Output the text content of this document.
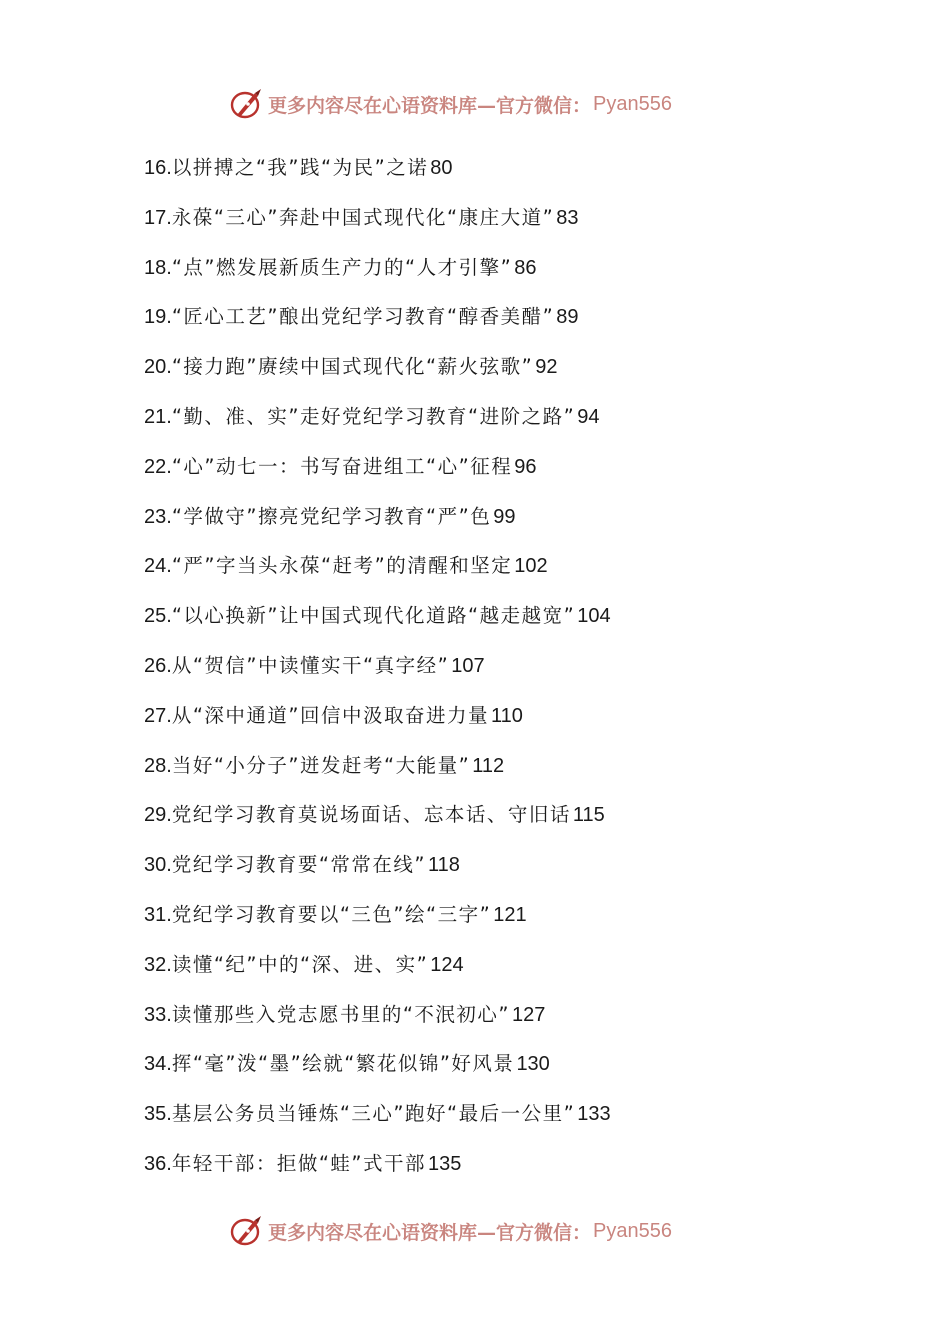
更多内容尽在心语资料库—官方微信： Pyan556
16.以拼搏之“我”践“为民”之诺 80
17.永葆“三心”奔赴中国式现代化“康庄大道” 83
18.“点”燃发展新质生产力的“人才引擎” 86
19.“匠心工艺”酿出党纪学习教育“醇香美醋” 89
20.“接力跑”赓续中国式现代化“薪火弦歌” 92
21.“勤、准、实”走好党纪学习教育“进阶之路” 94
22.“心”动七一：书写奋进组工“心”征程 96
23.“学做守”擦亮党纪学习教育“严”色 99
24.“严”字当头永葆“赶考”的清醒和坚定 102
25.“以心换新”让中国式现代化道路“越走越宽” 104
26.从“贺信”中读懂实干“真字经” 107
27.从“深中通道”回信中汲取奋进力量 110
28.当好“小分子”迸发赶考“大能量” 112
29.党纪学习教育莫说场面话、忘本话、守旧话 115
30.党纪学习教育要“常常在线” 118
31.党纪学习教育要以“三色”绘“三字” 121
32.读懂“纪”中的“深、进、实” 124
33.读懂那些入党志愿书里的“不泯初心” 127
34.挥“毫”泼“墨”绘就“繁花似锦”好风景 130
35.基层公务员当锤炼“三心”跑好“最后一公里” 133
36.年轻干部：拒做“蛙”式干部 135
更多内容尽在心语资料库—官方微信： Pyan556
